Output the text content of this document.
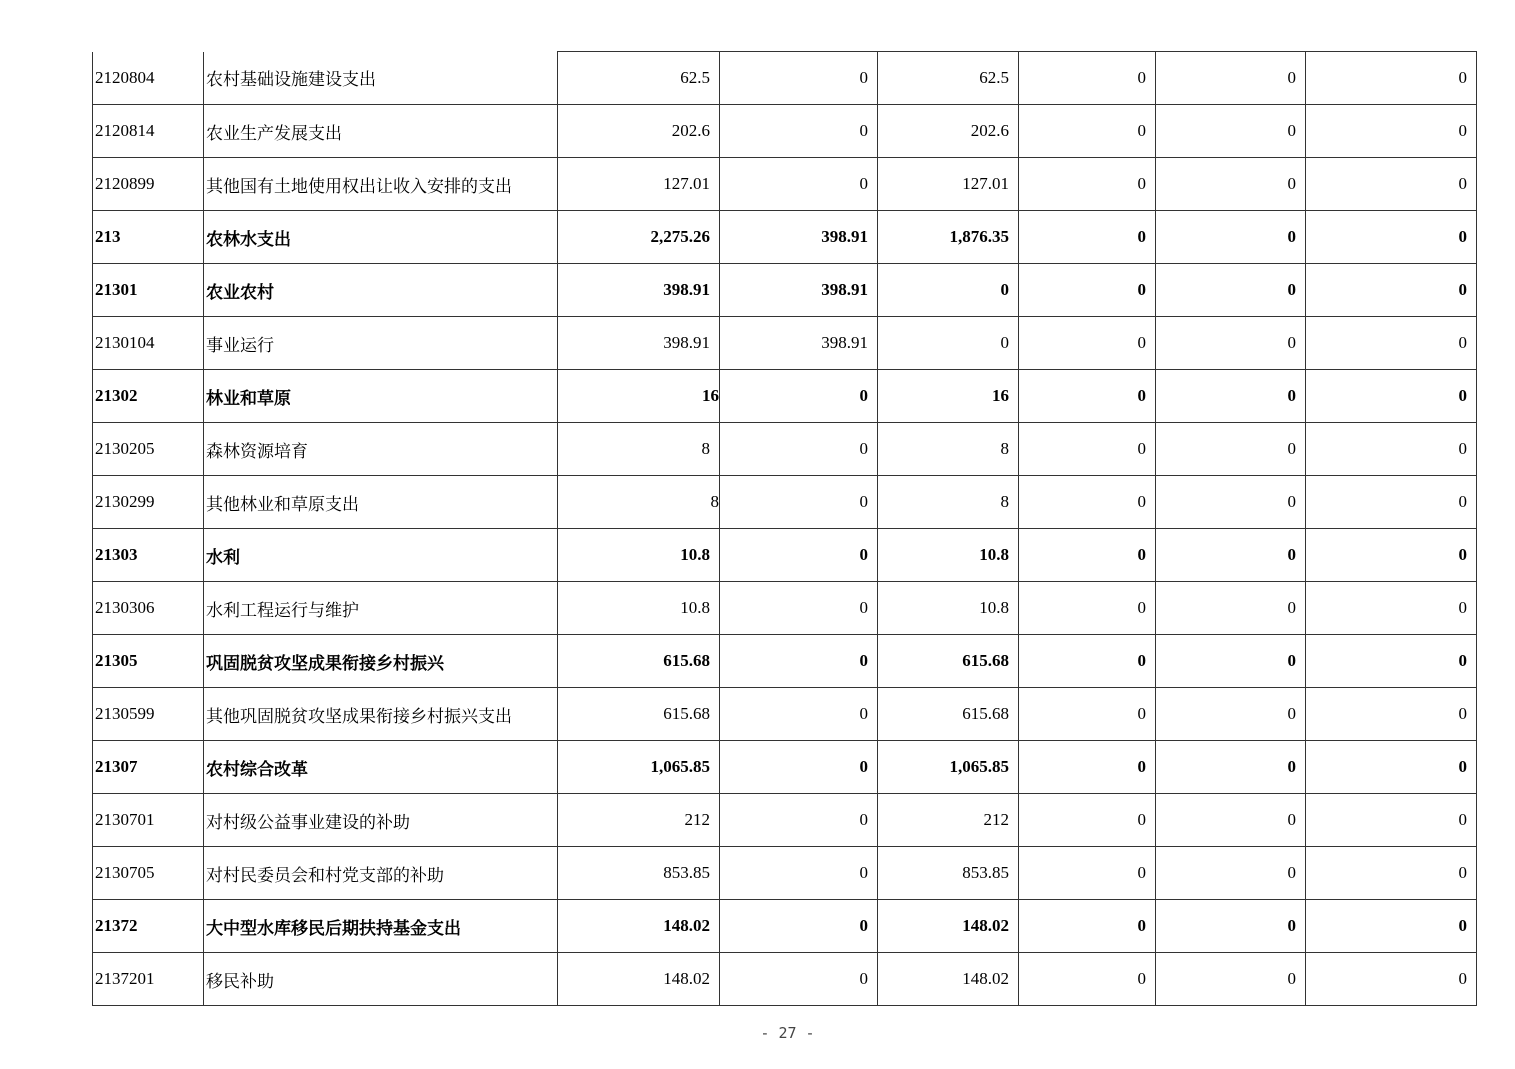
2120804	农村基础设施建设支出	62.5	0	62.5	0	0	0
2120814	农业生产发展支出	202.6	0	202.6	0	0	0
2120899	其他国有土地使用权出让收入安排的支出	127.01	0	127.01	0	0	0
213	农林水支出	2,275.26	398.91	1,876.35	0	0	0
21301	农业农村	398.91	398.91	0	0	0	0
2130104	事业运行	398.91	398.91	0	0	0	0
21302	林业和草原	16	0	16	0	0	0
2130205	森林资源培育	8	0	8	0	0	0
2130299	其他林业和草原支出	8	0	8	0	0	0
21303	水利	10.8	0	10.8	0	0	0
2130306	水利工程运行与维护	10.8	0	10.8	0	0	0
21305	巩固脱贫攻坚成果衔接乡村振兴	615.68	0	615.68	0	0	0
2130599	其他巩固脱贫攻坚成果衔接乡村振兴支出	615.68	0	615.68	0	0	0
21307	农村综合改革	1,065.85	0	1,065.85	0	0	0
2130701	对村级公益事业建设的补助	212	0	212	0	0	0
2130705	对村民委员会和村党支部的补助	853.85	0	853.85	0	0	0
21372	大中型水库移民后期扶持基金支出	148.02	0	148.02	0	0	0
2137201	移民补助	148.02	0	148.02	0	0	0
- 27 -
